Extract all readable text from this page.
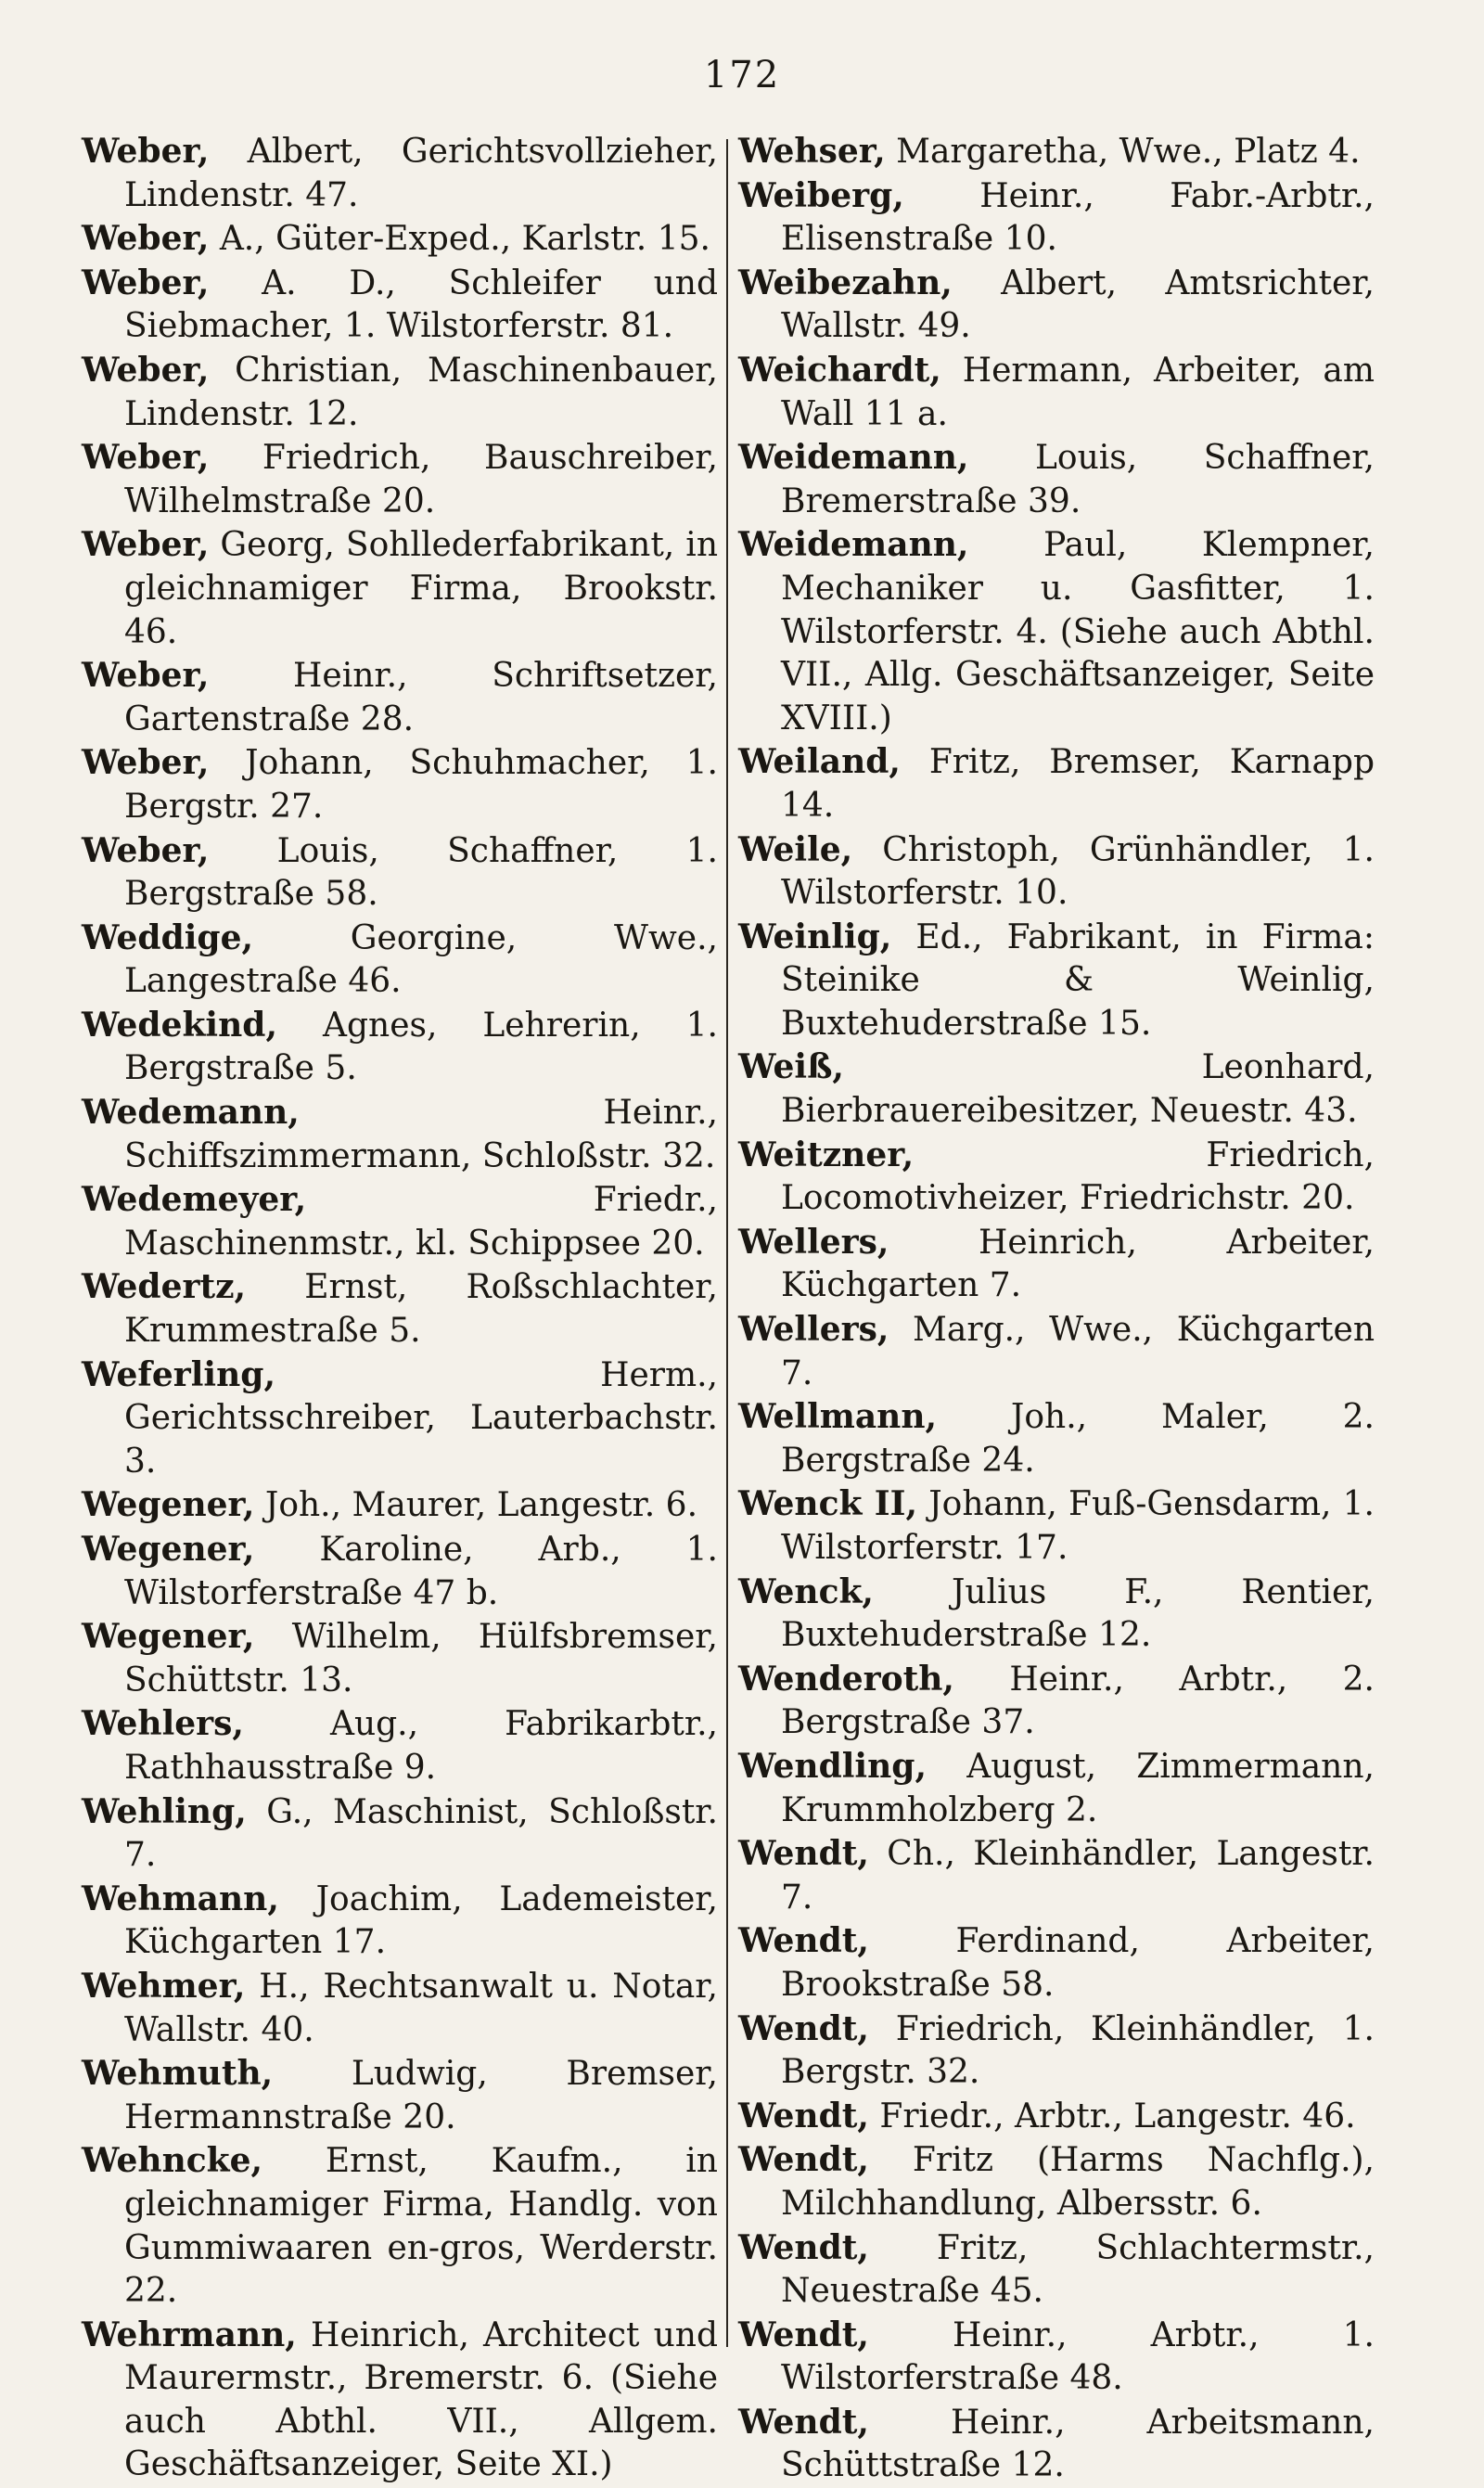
172

Weber, Albert, Gerichtsvollzieher, Lindenstr. 47.

Weber, A., Güter-Exped., Karlstr. 15.

Weber, A. D., Schleifer und Siebmacher, 1. Wilstorferstr. 81.

Weber, Christian, Maschinenbauer, Lindenstr. 12.

Weber, Friedrich, Bauschreiber, Wilhelmstraße 20.

Weber, Georg, Sohllederfabrikant, in gleichnamiger Firma, Brookstr. 46.

Weber,	Heinr., Schriftsetzer, Gartenstraße 28.

Weber, Johann, Schuhmacher, 1. Bergstr. 27.

Weber, Louis, Schaffner, 1. Bergstraße 58.

Weddige,	Georgine, Wwe., Langestraße 46.

Wedekind, Agnes, Lehrerin, 1. Bergstraße 5.

Wedemann,	Heinr., Schiffszimmermann, Schloßstr. 32.

Wedemeyer,	Friedr., Maschinenmstr., kl. Schippsee 20.

Wedertz, Ernst, Roßschlachter, Krummestraße 5.

Weferling,	Herm., Gerichtsschreiber, Lauterbachstr. 3.

Wegener, Joh., Maurer, Langestr. 6.

Wegener, Karoline, Arb., 1. Wilstorferstraße 47 b.

Wegener, Wilhelm, Hülfsbremser, Schüttstr. 13.

Wehlers,	Aug., Fabrikarbtr., Rathhausstraße 9.

Wehling, G., Maschinist, Schloßstr. 7.

Wehmann, Joachim, Lademeister, Küchgarten 17.

Wehmer, H., Rechtsanwalt u. Notar, Wallstr. 40.

Wehmuth, Ludwig, Bremser, Hermannstraße 20.

Wehncke, Ernst, Kaufm., in gleichnamiger Firma, Handlg. von Gummiwaaren en-gros, Werderstr. 22.

Wehrmann, Heinrich, Architect und Maurermstr., Bremerstr. 6. (Siehe auch Abthl. VII., Allgem. Geschäftsanzeiger, Seite XI.)

Wehser, Margaretha, Wwe., Platz 4.

Weiberg, Heinr., Fabr.-Arbtr., Elisenstraße 10.

Weibezahn, Albert, Amtsrichter, Wallstr. 49.

Weichardt, Hermann, Arbeiter, am Wall 11 a.

Weidemann, Louis, Schaffner, Bremerstraße 39.

Weidemann, Paul, Klempner, Mechaniker u. Gasfitter, 1. Wilstorferstr. 4. (Siehe auch Abthl. VII., Allg. Geschäftsanzeiger, Seite XVIII.)

Weiland, Fritz, Bremser, Karnapp 14.

Weile, Christoph, Grünhändler, 1. Wilstorferstr. 10.

Weinlig, Ed., Fabrikant, in Firma: Steinike & Weinlig, Buxtehuderstraße 15.

Weiß,	Leonhard, Bierbrauereibesitzer, Neuestr. 43.

Weitzner,	Friedrich, Locomotivheizer, Friedrichstr. 20.

Wellers,	Heinrich, Arbeiter, Küchgarten 7.

Wellers, Marg., Wwe., Küchgarten 7.

Wellmann, Joh., Maler, 2. Bergstraße 24.

Wenck II, Johann, Fuß-Gensdarm, 1. Wilstorferstr. 17.

Wenck, Julius F., Rentier, Buxtehuderstraße 12.

Wenderoth, Heinr., Arbtr., 2. Bergstraße 37.

Wendling, August, Zimmermann, Krummholzberg 2.

Wendt, Ch., Kleinhändler, Langestr. 7.

Wendt,	Ferdinand, Arbeiter, Brookstraße 58.

Wendt, Friedrich, Kleinhändler, 1. Bergstr. 32.

Wendt, Friedr., Arbtr., Langestr. 46.

Wendt, Fritz (Harms Nachflg.), Milchhandlung, Albersstr. 6.

Wendt, Fritz, Schlachtermstr., Neuestraße 45.

Wendt,	Heinr., Arbtr., 1. Wilstorferstraße 48.

Wendt, Heinr., Arbeitsmann, Schüttstraße 12.
